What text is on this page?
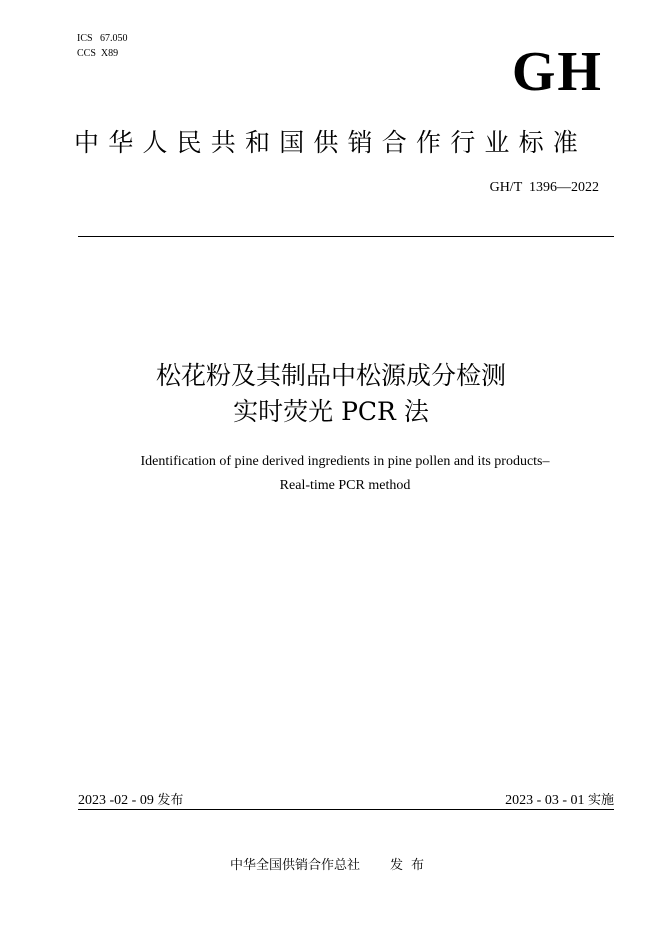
ICS   67.050
CCS  X89	GH
中华人民共和国供销合作行业标准
GH/T  1396—2022
松花粉及其制品中松源成分检测
实时荧光 PCR 法
Identification of pine derived ingredients in pine pollen and its products–
Real-time PCR method
2023 -02 - 09 发布	2023 - 03 - 01 实施
中华全国供销合作总社 发布
